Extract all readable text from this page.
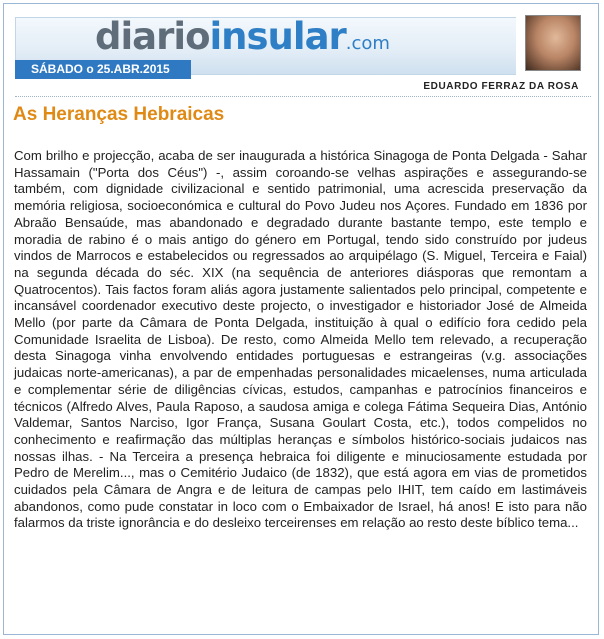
diarioinsular.com
SÁBADO o 25.ABR.2015
EDUARDO FERRAZ DA ROSA
As Heranças Hebraicas

Com brilho e projecção, acaba de ser inaugurada a histórica Sinagoga de Ponta Delgada - Sahar Hassamain ("Porta dos Céus") -, assim coroando-se velhas aspirações e assegurando-se também, com dignidade civilizacional e sentido patrimonial, uma acrescida preservação da memória religiosa, socioeconómica e cultural do Povo Judeu nos Açores. Fundado em 1836 por Abraão Bensaúde, mas abandonado e degradado durante bastante tempo, este templo e moradia de rabino é o mais antigo do género em Portugal, tendo sido construído por judeus vindos de Marrocos e estabelecidos ou regressados ao arquipélago (S. Miguel, Terceira e Faial) na segunda década do séc. XIX (na sequência de anteriores diásporas que remontam a Quatrocentos). Tais factos foram aliás agora justamente salientados pelo principal, competente e incansável coordenador executivo deste projecto, o investigador e historiador José de Almeida Mello (por parte da Câmara de Ponta Delgada, instituição à qual o edifício fora cedido pela Comunidade Israelita de Lisboa). De resto, como Almeida Mello tem relevado, a recuperação desta Sinagoga vinha envolvendo entidades portuguesas e estrangeiras (v.g. associações judaicas norte-americanas), a par de empenhadas personalidades micaelenses, numa articulada e complementar série de diligências cívicas, estudos, campanhas e patrocínios financeiros e técnicos (Alfredo Alves, Paula Raposo, a saudosa amiga e colega Fátima Sequeira Dias, António Valdemar, Santos Narciso, Igor França, Susana Goulart Costa, etc.), todos compelidos no conhecimento e reafirmação das múltiplas heranças e símbolos histórico-sociais judaicos nas nossas ilhas. - Na Terceira a presença hebraica foi diligente e minuciosamente estudada por Pedro de Merelim..., mas o Cemitério Judaico (de 1832), que está agora em vias de prometidos cuidados pela Câmara de Angra e de leitura de campas pelo IHIT, tem caído em lastimáveis abandonos, como pude constatar in loco com o Embaixador de Israel, há anos! E isto para não falarmos da triste ignorância e do desleixo terceirenses em relação ao resto deste bíblico tema...
